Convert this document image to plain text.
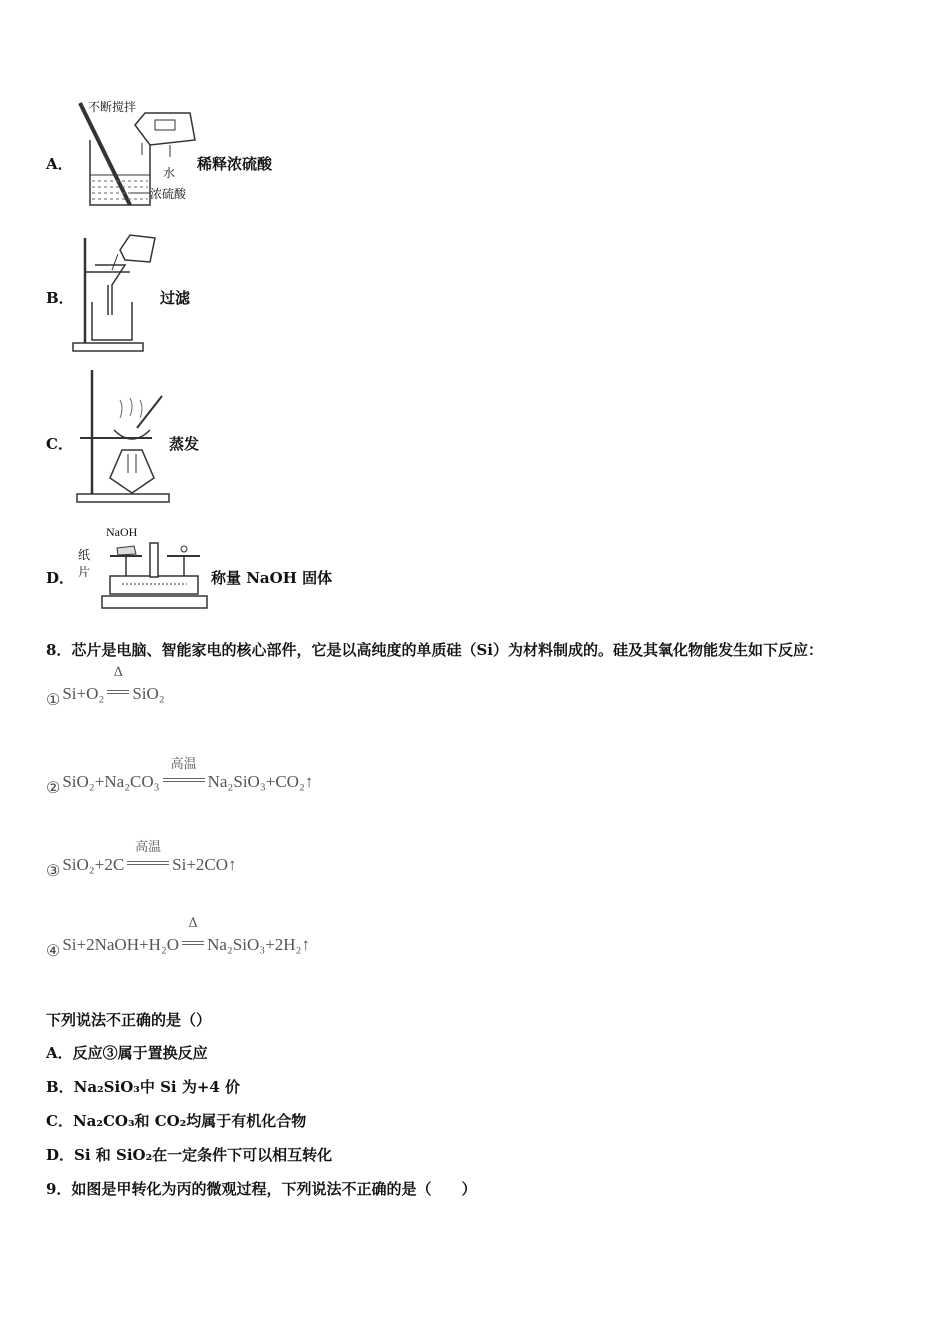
A．
不断搅拌
水
浓硫酸
稀释浓硫酸
B．	过滤
C．	蒸发
D．
NaOH
纸
片	称量 NaOH 固体
8．芯片是电脑、智能家电的核心部件，它是以高纯度的单质硅（Si）为材料制成的。硅及其氧化物能发生如下反应：
① Si+O₂
Δ
SiO₂
② SiO₂+Na₂CO₃
高温
Na₂SiO₃+CO₂↑
③ SiO₂+2C
高温
Si+2CO↑
④ Si+2NaOH+H₂O
Δ
Na₂SiO₃+2H₂↑
下列说法不正确的是（）
A．反应③属于置换反应
B．Na₂SiO₃中 Si 为+4 价
C．Na₂CO₃和 CO₂均属于有机化合物
D．Si 和 SiO₂在一定条件下可以相互转化
9．如图是甲转化为丙的微观过程，下列说法不正确的是（　　）
